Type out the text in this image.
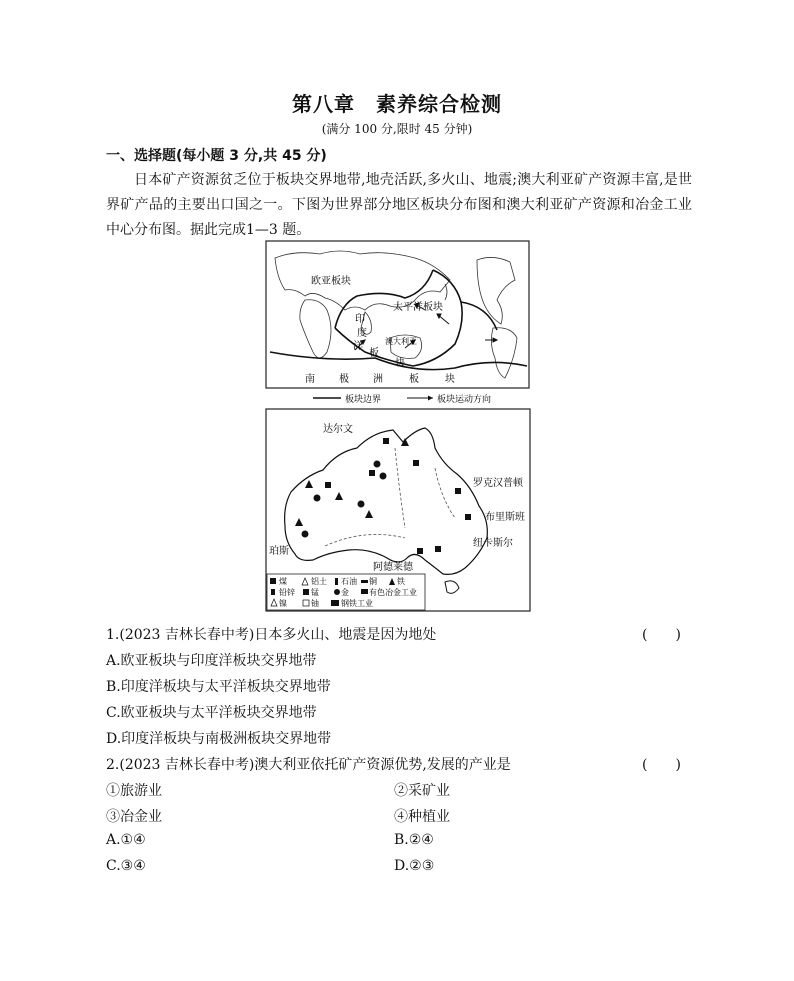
第八章　素养综合检测
(满分 100 分,限时 45 分钟)
一、选择题(每小题 3 分,共 45 分)
日本矿产资源贫乏位于板块交界地带,地壳活跃,多火山、地震;澳大利亚矿产资源丰富,是世界矿产品的主要出口国之一。下图为世界部分地区板块分布图和澳大利亚矿产资源和冶金工业中心分布图。据此完成1—3 题。
欧亚板块
太平洋板块
印
度
洋
板
块
澳大利亚
南 极 洲	板	块
板块边界	板块运动方向
达尔文
罗克汉普顿
布里斯班
纽卡斯尔
珀斯
阿德莱德
煤	铝土 石油 铜	铁
铅锌 锰	金	有色冶金工业
镍	铀	钢铁工业
1.(2023 吉林长春中考)日本多火山、地震是因为地处	(　　)
A.欧亚板块与印度洋板块交界地带
B.印度洋板块与太平洋板块交界地带
C.欧亚板块与太平洋板块交界地带
D.印度洋板块与南极洲板块交界地带
2.(2023 吉林长春中考)澳大利亚依托矿产资源优势,发展的产业是	(　　)
①旅游业	②采矿业
③冶金业	④种植业
A.①④	B.②④
C.③④	D.②③
